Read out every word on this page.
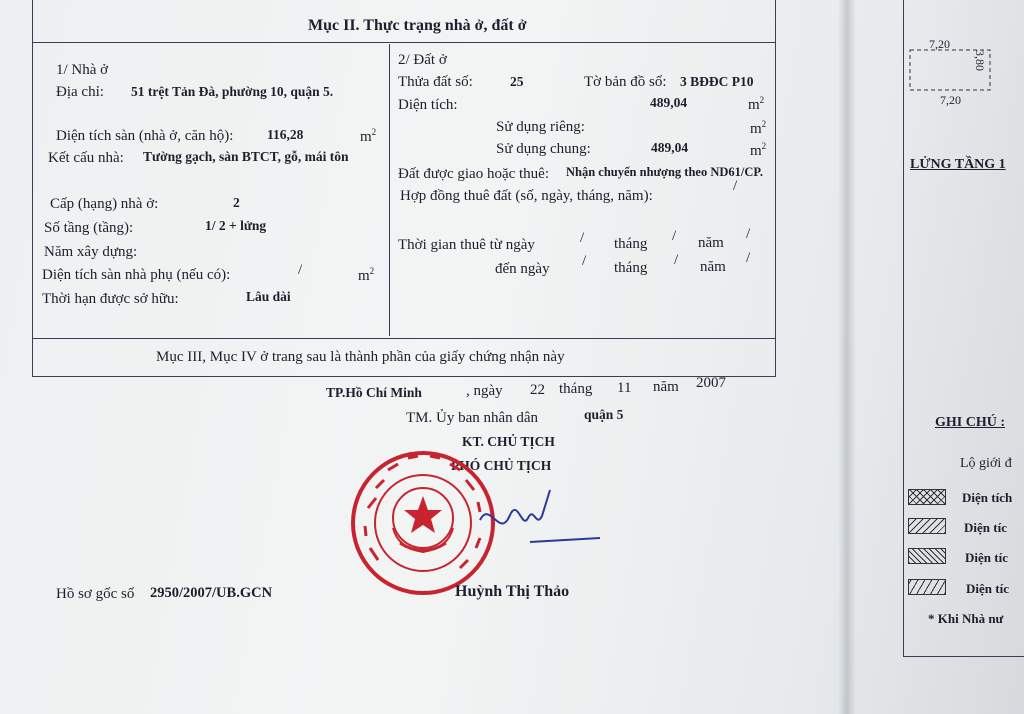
Mục II. Thực trạng nhà ở, đất ở
1/ Nhà ở
Địa chỉ: 51 trệt Tản Đà, phường 10, quận 5.
Diện tích sàn (nhà ở, căn hộ): 116,28	$m^2$
Kết cấu nhà: Tường gạch, sàn BTCT, gỗ, mái tôn
Cấp (hạng) nhà ở:	2
Số tầng (tầng):	1/ 2 + lửng
Năm xây dựng:
Diện tích sàn nhà phụ (nếu có):	/	$m^2$
Thời hạn được sở hữu:	Lâu dài
2/ Đất ở
Thửa đất số:	25	Tờ bản đồ số: 3 BĐĐC P10
Diện tích:	489,04	$m^2$
Sử dụng riêng:	$m^2$
Sử dụng chung:	489,04	$m^2$
Đất được giao hoặc thuê: Nhận chuyển nhượng theo ND61/CP.
Hợp đồng thuê đất (số, ngày, tháng, năm):
/
Thời gian thuê từ ngày	/ tháng / năm
/
đến ngày / tháng / năm
/
Mục III, Mục IV ở trang sau là thành phần của giấy chứng nhận này
TP.Hồ Chí Minh	, ngày 22 tháng 11 năm 2007
TM. Ủy ban nhân dân	quận 5
KT. CHỦ TỊCH
PHÓ CHỦ TỊCH
Huỳnh Thị Thảo
Hồ sơ gốc số 2950/2007/UB.GCN
7,20
3,80
7,20
LỬNG TẦNG 1
GHI CHÚ :
Lộ giới đ
Diện tích
Diện tíc
Diện tíc
Diện tíc
* Khi Nhà nư
